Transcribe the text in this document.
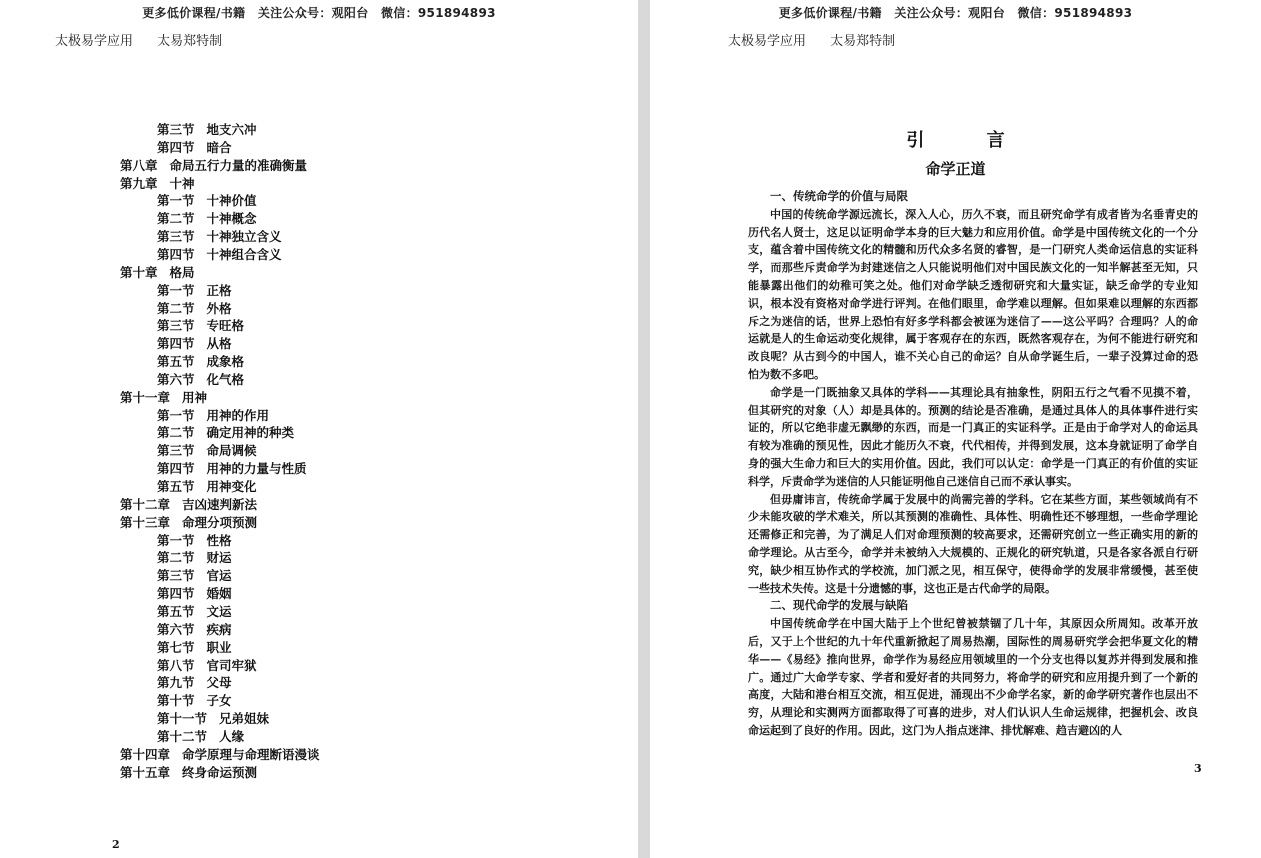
更多低价课程/书籍 关注公众号：观阳台 微信：951894893
太极易学应用 太易郑特制
第三节 地支六冲
第四节 暗合
第八章 命局五行力量的准确衡量
第九章 十神
第一节 十神价值
第二节 十神概念
第三节 十神独立含义
第四节 十神组合含义
第十章 格局
第一节 正格
第二节 外格
第三节 专旺格
第四节 从格
第五节 成象格
第六节 化气格
第十一章 用神
第一节 用神的作用
第二节 确定用神的种类
第三节 命局调候
第四节 用神的力量与性质
第五节 用神变化
第十二章 吉凶速判新法
第十三章 命理分项预测
第一节 性格
第二节 财运
第三节 官运
第四节 婚姻
第五节 文运
第六节 疾病
第七节 职业
第八节 官司牢狱
第九节 父母
第十节 子女
第十一节 兄弟姐妹
第十二节 人缘
第十四章 命学原理与命理断语漫谈
第十五章 终身命运预测
2
更多低价课程/书籍 关注公众号：观阳台 微信：951894893
太极易学应用 太易郑特制
引 言
命学正道
一、传统命学的价值与局限

中国的传统命学源远流长，深入人心，历久不衰，而且研究命学有成者皆为名垂青史的历代名人贤士，这足以证明命学本身的巨大魅力和应用价值。命学是中国传统文化的一个分支，蕴含着中国传统文化的精髓和历代众多名贤的睿智，是一门研究人类命运信息的实证科学，而那些斥责命学为封建迷信之人只能说明他们对中国民族文化的一知半解甚至无知，只能暴露出他们的幼稚可笑之处。他们对命学缺乏透彻研究和大量实证，缺乏命学的专业知识，根本没有资格对命学进行评判。在他们眼里，命学难以理解。但如果难以理解的东西都斥之为迷信的话，世界上恐怕有好多学科都会被诬为迷信了——这公平吗？合理吗？人的命运就是人的生命运动变化规律，属于客观存在的东西，既然客观存在，为何不能进行研究和改良呢？从古到今的中国人，谁不关心自己的命运？自从命学诞生后，一辈子没算过命的恐怕为数不多吧。

命学是一门既抽象又具体的学科——其理论具有抽象性，阴阳五行之气看不见摸不着，但其研究的对象（人）却是具体的。预测的结论是否准确，是通过具体人的具体事件进行实证的，所以它绝非虚无飘缈的东西，而是一门真正的实证科学。正是由于命学对人的命运具有较为准确的预见性，因此才能历久不衰，代代相传，并得到发展，这本身就证明了命学自身的强大生命力和巨大的实用价值。因此，我们可以认定：命学是一门真正的有价值的实证科学，斥责命学为迷信的人只能证明他自己迷信自己而不承认事实。

但毋庸讳言，传统命学属于发展中的尚需完善的学科。它在某些方面，某些领域尚有不少未能攻破的学术难关，所以其预测的准确性、具体性、明确性还不够理想，一些命学理论还需修正和完善，为了满足人们对命理预测的较高要求，还需研究创立一些正确实用的新的命学理论。从古至今，命学并未被纳入大规模的、正规化的研究轨道，只是各家各派自行研究，缺少相互协作式的学校流，加门派之见，相互保守，使得命学的发展非常缓慢，甚至使一些技术失传。这是十分遗憾的事，这也正是古代命学的局限。

二、现代命学的发展与缺陷

中国传统命学在中国大陆于上个世纪曾被禁锢了几十年，其原因众所周知。改革开放后，又于上个世纪的九十年代重新掀起了周易热潮，国际性的周易研究学会把华夏文化的精华——《易经》推向世界，命学作为易经应用领域里的一个分支也得以复苏并得到发展和推广。通过广大命学专家、学者和爱好者的共同努力，将命学的研究和应用提升到了一个新的高度，大陆和港台相互交流，相互促进，涌现出不少命学名家，新的命学研究著作也层出不穷，从理论和实测两方面都取得了可喜的进步，对人们认识人生命运规律，把握机会、改良命运起到了良好的作用。因此，这门为人指点迷津、排忧解难、趋吉避凶的人

3
